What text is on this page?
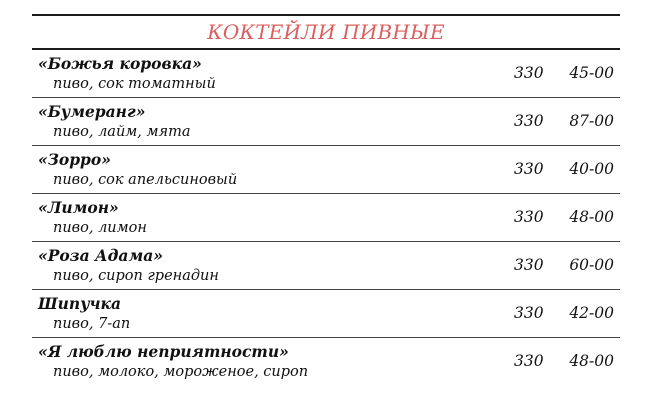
КОКТЕЙЛИ ПИВНЫЕ
«Божья коровка»
пиво, сок томатный
330 45-00
«Бумеранг»
пиво, лайм, мята
330 87-00
«Зорро»
пиво, сок апельсиновый
330 40-00
«Лимон»
пиво, лимон
330 48-00
«Роза Адама»
пиво, сироп гренадин
330 60-00
Шипучка
пиво, 7-ап
330 42-00
«Я люблю неприятности»
пиво, молоко, мороженое, сироп
330 48-00
